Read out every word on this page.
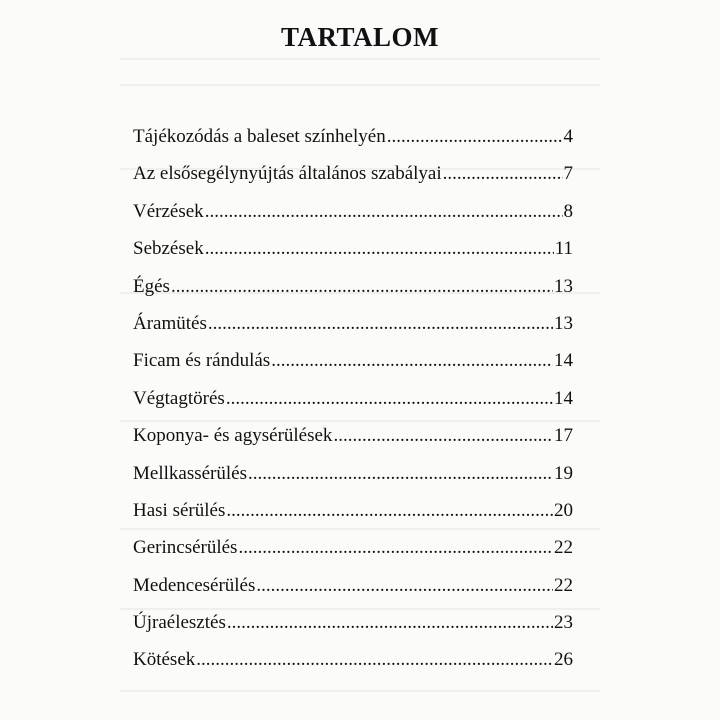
TARTALOM
Tájékozódás a baleset színhelyén .....	4
Az elsősegélynyújtás általános szabályai .....	7
Vérzések .....	8
Sebzések .....	11
Égés .....	13
Áramütés .....	13
Ficam és rándulás .....	14
Végtagtörés .....	14
Koponya- és agysérülések .....	17
Mellkassérülés .....	19
Hasi sérülés .....	20
Gerincsérülés .....	22
Medencesérülés .....	22
Újraélesztés .....	23
Kötések .....	26
